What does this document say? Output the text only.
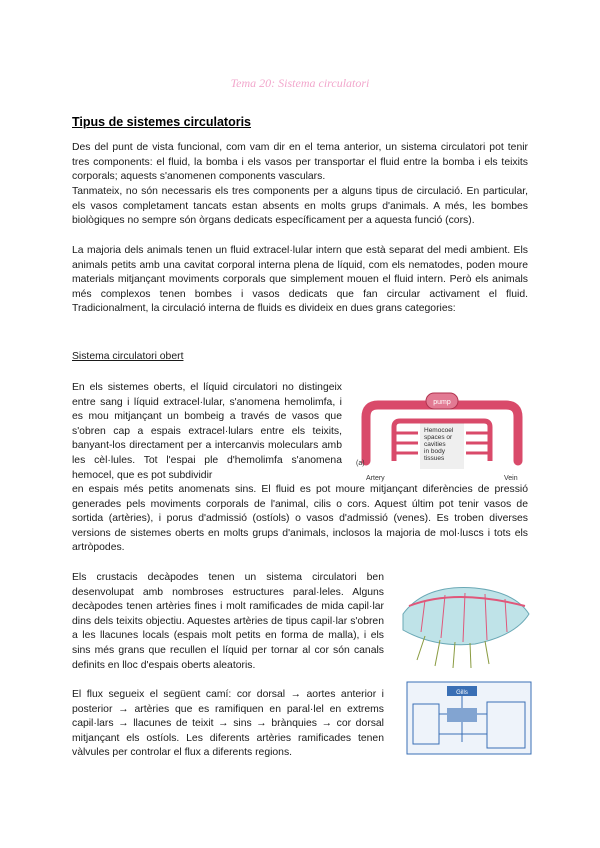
Tema 20: Sistema circulatori
Tipus de sistemes circulatoris

Des del punt de vista funcional, com vam dir en el tema anterior, un sistema circulatori pot tenir tres components: el fluid, la bomba i els vasos per transportar el fluid entre la bomba i els teixits corporals; aquests s'anomenen components vasculars.

Tanmateix, no són necessaris els tres components per a alguns tipus de circulació. En particular, els vasos completament tancats estan absents en molts grups d'animals. A més, les bombes biològiques no sempre són òrgans dedicats específicament per a aquesta funció (cors).

La majoria dels animals tenen un fluid extracel·lular intern que està separat del medi ambient. Els animals petits amb una cavitat corporal interna plena de líquid, com els nematodes, poden moure materials mitjançant moviments corporals que simplement mouen el fluid intern. Però els animals més complexos tenen bombes i vasos dedicats que fan circular activament el fluid. Tradicionalment, la circulació interna de fluids es divideix en dues grans categories:

Sistema circulatori obert

En els sistemes oberts, el líquid circulatori no distingeix entre sang i líquid extracel·lular, s'anomena hemolimfa, i es mou mitjançant un bombeig a través de vasos que s'obren cap a espais extracel·lulars entre els teixits, banyant-los directament per a intercanvis moleculars amb les cèl·lules. Tot l'espai ple d'hemolimfa s'anomena hemocel, que es pot subdividir

pump
Hemocoel spaces or cavities in body tissues
(a)
Artery	Vein

en espais més petits anomenats sins. El fluid es pot moure mitjançant diferències de pressió generades pels moviments corporals de l'animal, cilis o cors. Aquest últim pot tenir vasos de sortida (artèries), i porus d'admissió (ostíols) o vasos d'admissió (venes). Es troben diverses versions de sistemes oberts en molts grups d'animals, inclosos la majoria de mol·luscs i tots els artròpodes.

Els crustacis decàpodes tenen un sistema circulatori ben desenvolupat amb nombroses estructures paral·leles. Alguns decàpodes tenen artèries fines i molt ramificades de mida capil·lar dins dels teixits objectiu. Aquestes artèries de tipus capil·lar s'obren a les llacunes locals (espais molt petits en forma de malla), i els sins més grans que recullen el líquid per tornar al cor són canals definits en lloc d'espais oberts aleatoris.

El flux segueix el següent camí: cor dorsal → aortes anterior i posterior → artèries que es ramifiquen en paral·lel en extrems capil·lars → llacunes de teixit → sins → brànquies → cor dorsal mitjançant els ostíols. Les diferents artèries ramificades tenen vàlvules per controlar el flux a diferents regions.

Gills
